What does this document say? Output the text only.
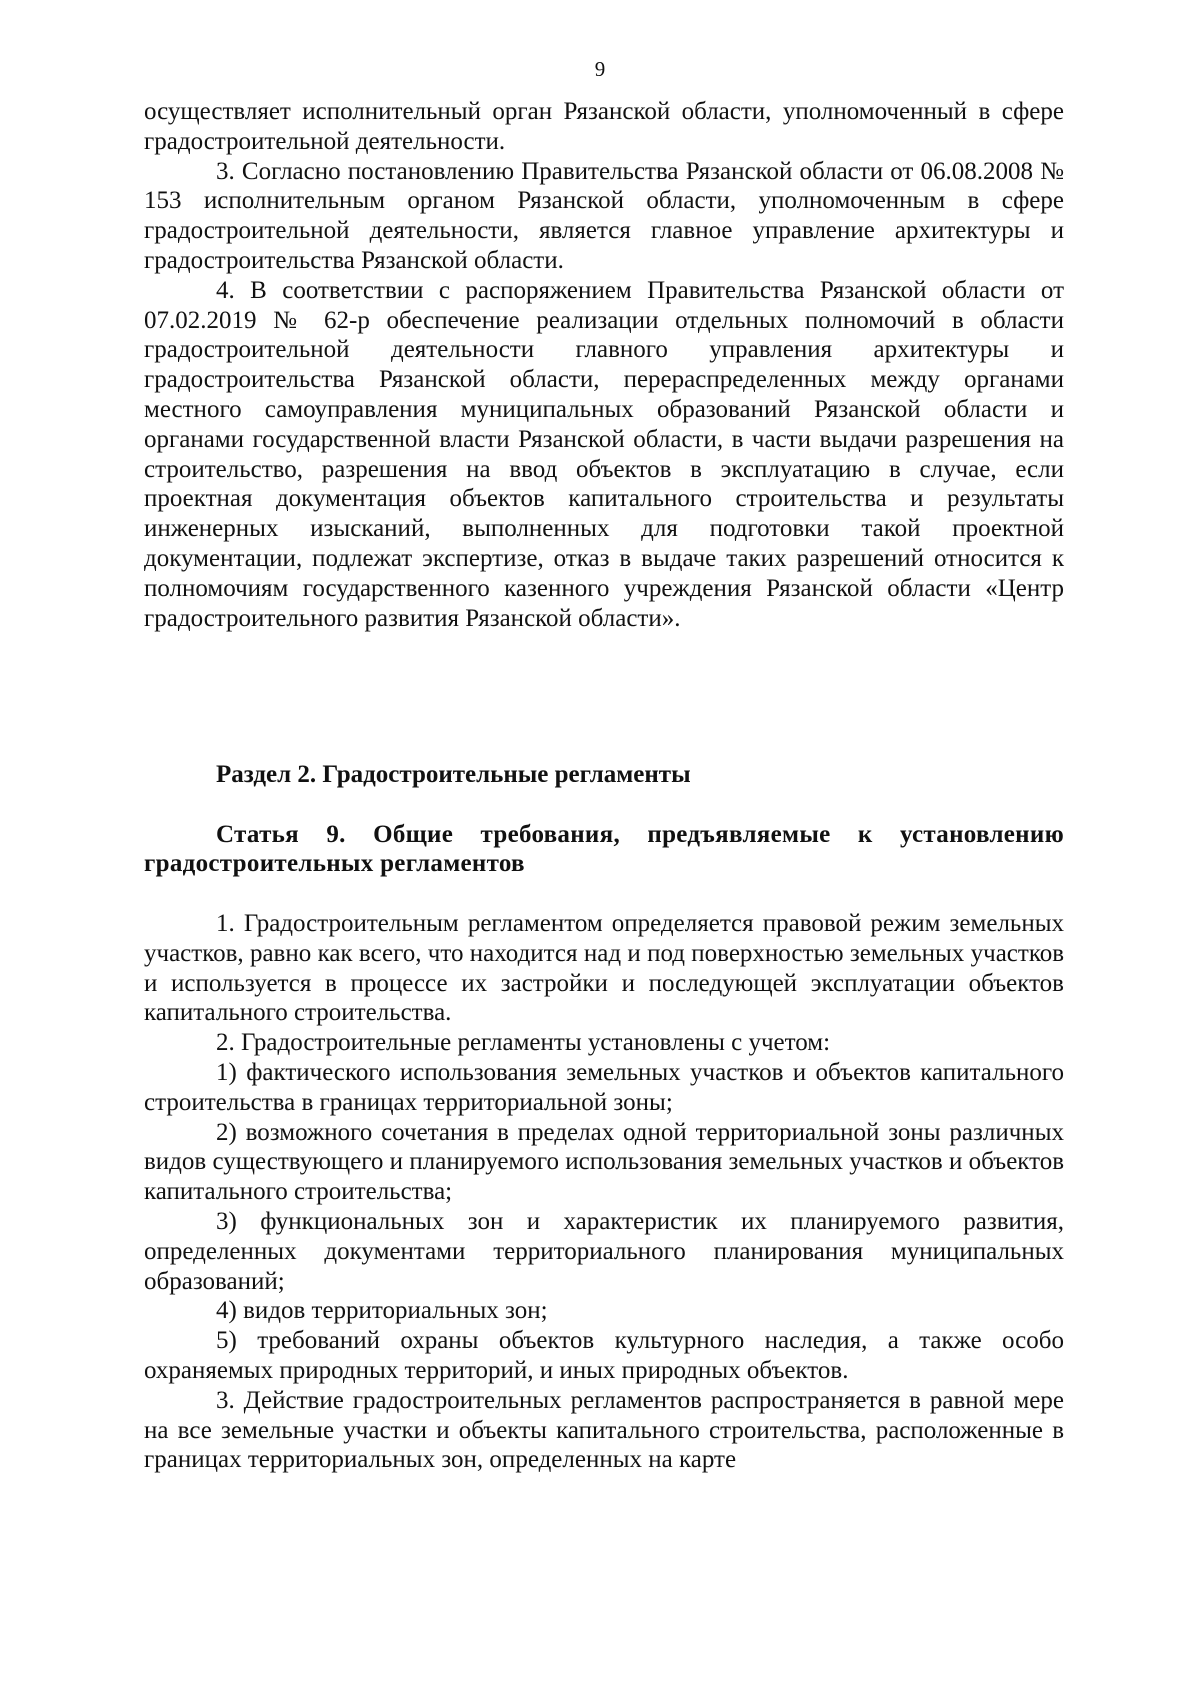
9

осуществляет исполнительный орган Рязанской области, уполномоченный в сфере градостроительной деятельности.

3. Согласно постановлению Правительства Рязанской области от 06.08.2008 № 153 исполнительным органом Рязанской области, уполномоченным в сфере градостроительной деятельности, является главное управление архитектуры и градостроительства Рязанской области.

4. В соответствии с распоряжением Правительства Рязанской области от 07.02.2019 № 62-р обеспечение реализации отдельных полномочий в области градостроительной деятельности главного управления архитектуры и градостроительства Рязанской области, перераспределенных между органами местного самоуправления муниципальных образований Рязанской области и органами государственной власти Рязанской области, в части выдачи разрешения на строительство, разрешения на ввод объектов в эксплуатацию в случае, если проектная документация объектов капитального строительства и результаты инженерных изысканий, выполненных для подготовки такой проектной документации, подлежат экспертизе, отказ в выдаче таких разрешений относится к полномочиям государственного казенного учреждения Рязанской области «Центр градостроительного развития Рязанской области».

Раздел 2. Градостроительные регламенты

Статья 9. Общие требования, предъявляемые к установлению градостроительных регламентов

1. Градостроительным регламентом определяется правовой режим земельных участков, равно как всего, что находится над и под поверхностью земельных участков и используется в процессе их застройки и последующей эксплуатации объектов капитального строительства.

2. Градостроительные регламенты установлены с учетом:

1) фактического использования земельных участков и объектов капитального строительства в границах территориальной зоны;

2) возможного сочетания в пределах одной территориальной зоны различных видов существующего и планируемого использования земельных участков и объектов капитального строительства;

3) функциональных зон и характеристик их планируемого развития, определенных документами территориального планирования муниципальных образований;

4) видов территориальных зон;

5) требований охраны объектов культурного наследия, а также особо охраняемых природных территорий, и иных природных объектов.

3. Действие градостроительных регламентов распространяется в равной мере на все земельные участки и объекты капитального строительства, расположенные в границах территориальных зон, определенных на карте
